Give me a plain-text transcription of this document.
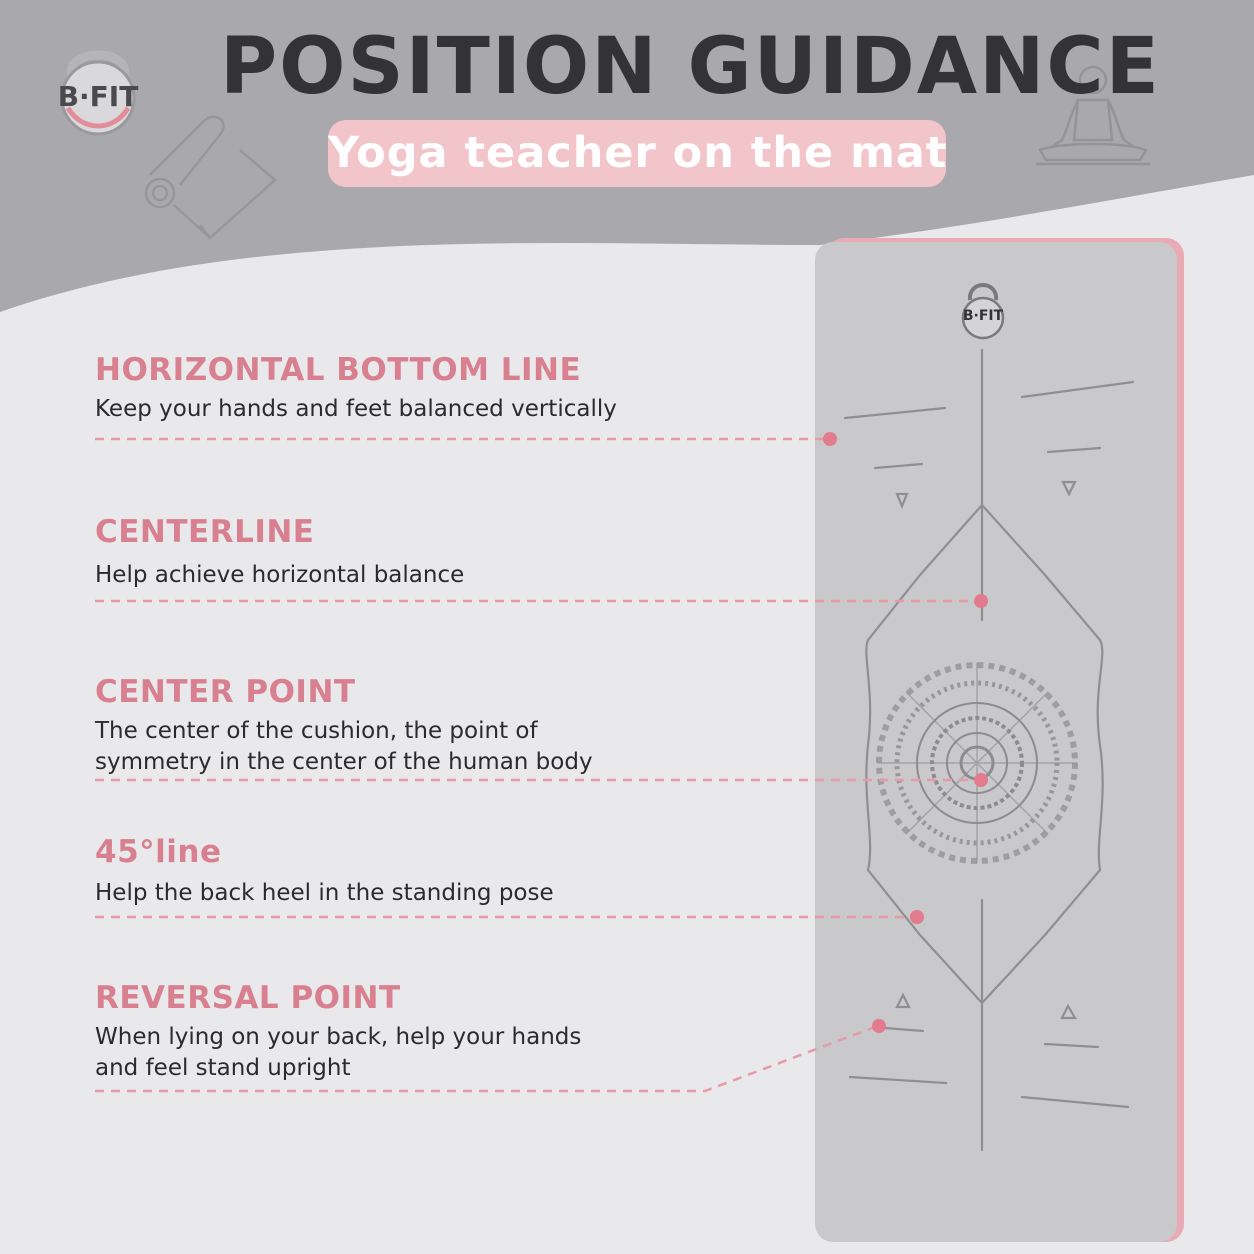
B·FIT
B·FIT POSITION GUIDANCE
Yoga teacher on the mat
HORIZONTAL BOTTOM LINE
Keep your hands and feet balanced vertically
CENTERLINE
Help achieve horizontal balance
CENTER POINT
The center of the cushion, the point of symmetry in the center of the human body
45°line
Help the back heel in the standing pose
REVERSAL POINT
When lying on your back, help your hands and feel stand upright
